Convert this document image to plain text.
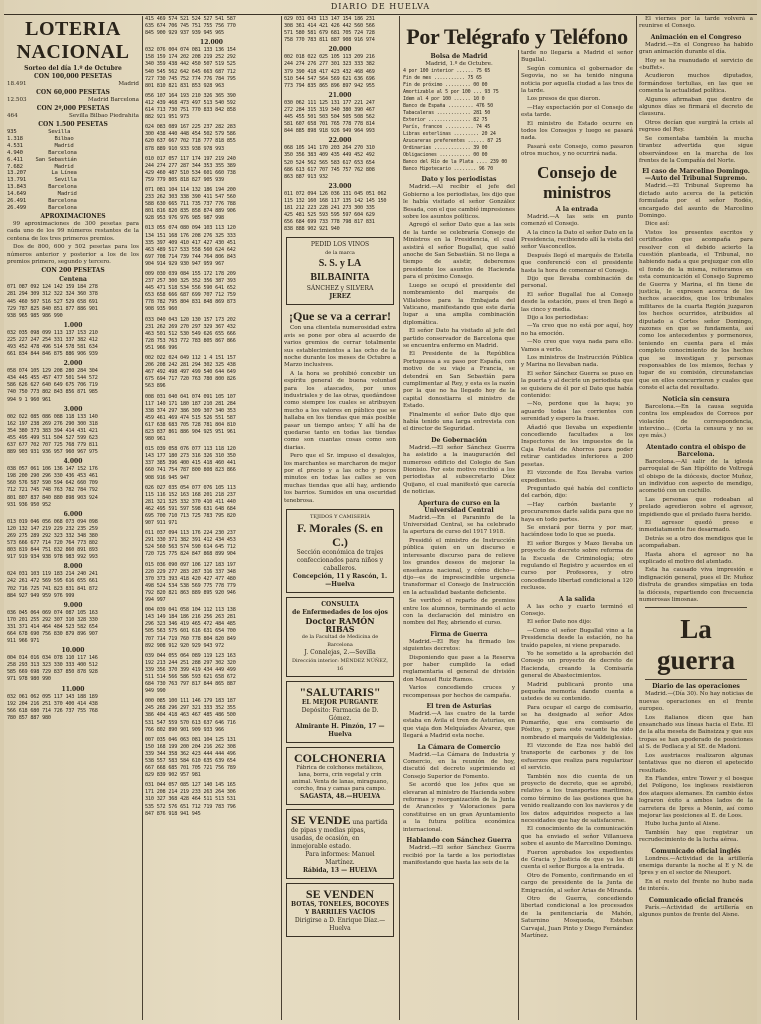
DIARIO DE HUELVA
LOTERIA NACIONAL
Sorteo del día 1.º de Octubre
CON 100,000 PESETAS
18.491	Madrid
CON 60,000 PESETAS
12.503	Madrid Barcelona
CON 2º,000 PESETAS
464	Sevilla Bilbao Piedrahita
CON 1.500 PESETAS
935          Sevilla
1.318          Bilbao
4.531          Madrid
4.940        Barcelona
6.411    San Sebastián
7.682          Madrid
13.207        La Línea
13.791         Sevilla
13.843       Barcelona
14.649          Madrid
26.491       Barcelona
26.499       Barcelona
APROXIMACIONES

99 aproximaciones de 300 pesetas para cada uno de los 99 números restantes de la centena de los tres primeros premios.

Dos de 800, 600 y 502 pesetas para los números anterior y posterior a los de los premios primero, segundo y tercero.

CON 200 PESETAS
Centena
071 087 092 124 142 159 184 278
281 294 309 312 322 324 360 378
445 460 507 516 527 529 658 691
729 787 825 840 851 877 886 901
938 965 985 986 990
1.000
032 035 098 099 113 137 153 210
225 227 247 254 331 337 382 412
493 452 478 496 514 578 581 634
661 834 844 846 875 886 906 939
2.000
058 074 105 129 208 280 284 304
434 445 455 457 477 501 544 572
586 626 627 640 649 675 706 719
740 750 773 802 843 856 871 985
994 9 1 960 961
3.000
002 022 085 086 088 118 133 140
162 197 238 269 276 290 300 318
354 380 373 383 394 414 431 421
455 495 499 511 504 527 599 623
637 677 702 707 725 768 779 811
889 903 931 936 957 960 967 975
4.000
038 057 061 106 136 147 152 176
198 200 290 296 330 436 453 461
560 576 587 590 594 642 660 709
712 721 745 748 763 782 784 792
801 807 837 840 880 898 903 924
931 936 950 952
6.000
013 019 046 056 068 073 094 098
120 132 147 219 229 232 235 259
269 275 289 292 323 332 348 380
573 666 677 714 720 764 773 802
803 819 844 751 832 860 891 893
917 919 934 938 978 983 992 993
8.000
024 031 103 119 183 214 240 241
242 261 472 569 595 616 655 661
702 716 725 741 823 831 841 872
884 927 949 959 976 999
9.000
036 045 064 069 074 087 105 163
170 201 255 292 307 310 328 330
331 371 414 464 484 523 582 654
664 678 690 756 830 879 896 907
911 966 971
10.000
004 014 016 034 078 110 117 146
258 293 313 323 330 333 400 512
585 669 698 729 837 850 878 928
971 978 980 990
11.000
032 061 062 095 117 143 188 189
192 204 216 251 370 400 414 438
566 618 680 714 726 737 755 768
780 857 887 980
415 469 574 521 524 527 541 587
635 674 706 745 751 755 756 770
845 900 929 937 939 945 965
12.000
032 076 004 074 081 133 136 154
158 159 174 202 208 219 252 292
340 359 438 442 450 507 519 525
540 545 562 642 645 663 687 712
727 730 745 752 774 776 784 795
801 810 821 831 853 928 963
056 107 164 193 210 326 365 390
412 439 468 473 497 513 540 592
614 713 730 751 770 833 842 858
882 921 951 973
024 083 089 167 225 237 282 283
300 438 440 448 454 502 579 586
620 637 667 702 718 777 818 855
878 889 910 933 938 978 993
010 017 057 117 174 197 219 240
244 274 277 287 344 353 355 389
429 460 487 510 534 601 660 738
759 779 805 818 827 905 939
071 081 104 114 132 186 194 200
233 262 303 338 390 411 547 560
588 630 665 711 735 737 776 788
801 816 820 835 858 874 889 906
928 953 976 976 985 987 998
013 055 074 080 094 103 113 120
134 151 168 176 208 276 325 333
335 397 409 410 417 427 430 451
463 489 517 533 558 560 624 642
697 708 714 739 744 764 806 843
904 914 929 930 947 959 967
009 030 039 084 155 172 178 209
237 257 300 325 352 356 387 393
445 471 518 534 556 590 641 652
653 658 666 687 699 707 712 759
778 782 795 804 831 848 869 873
908 935 960
033 040 043 120 130 157 173 202
231 262 269 270 297 329 367 432
463 501 512 530 549 626 655 666
728 753 763 772 783 805 867 866
951 966 996
002 022 024 049 112 1 4 151 157
206 208 242 281 294 302 325 438
467 492 498 497 499 540 644 649
675 694 717 720 763 780 800 826
563 896
008 031 040 041 074 091 105 107
117 140 171 180 187 210 281 284
338 374 297 386 309 307 340 353
459 461 469 474 515 526 551 587
617 638 683 705 728 781 804 810
823 837 861 886 904 925 951 961
980 961
015 039 058 076 077 113 118 120
143 177 180 273 316 326 310 350
337 385 396 400 415 418 460 441
660 741 754 787 800 808 823 866
908 916 945 947
026 027 035 054 077 076 105 113
115 116 152 163 168 201 218 237
281 321 325 332 370 410 411 440
462 495 591 597 598 631 648 684
695 700 710 713 725 783 795 820
907 911 971
011 037 094 113 176 224 230 237
291 330 371 382 391 412 434 453
524 560 563 574 590 614 645 712
720 725 775 824 847 868 899 904
015 036 090 097 106 127 183 197
220 229 277 283 287 316 337 348
370 373 393 418 420 427 477 480
498 524 534 538 569 775 778 779
792 820 821 863 889 895 920 946
994 997
004 039 041 058 104 112 113 138
143 149 184 186 216 256 263 281
296 323 346 419 465 472 484 485
505 563 575 601 616 631 654 700
707 714 719 760 778 804 820 849
892 908 912 920 929 943 972
039 044 055 064 089 119 123 163
192 213 244 251 288 297 302 320
339 356 370 399 419 434 449 499
511 514 566 586 593 621 658 672
684 730 763 797 817 844 865 887
949 990
000 085 100 111 146 179 183 187
245 268 296 297 321 333 352 355
386 404 418 463 467 485 486 500
531 547 559 570 613 637 646 716
766 802 890 901 909 933 966
007 035 046 063 081 104 125 131
150 168 199 200 204 216 262 308
339 344 358 362 423 444 444 496
538 557 583 584 610 635 639 654
667 668 685 701 705 721 756 789
829 839 902 957 981
031 044 057 085 127 140 145 165
171 208 214 219 233 263 264 306
310 327 368 428 464 511 513 531
535 572 576 651 712 719 783 796
847 876 918 941 945
029 031 043 113 147 154 186 231
308 361 414 421 426 442 560 566
571 580 581 679 681 705 724 728
758 770 783 811 887 908 916 974
20.000
002 018 022 025 105 113 209 216
244 274 276 277 301 323 333 382
379 390 418 417 423 432 468 469
510 544 547 564 569 621 636 696
773 794 835 865 896 897 942 955
21.000
030 062 111 125 131 177 221 247
272 284 315 319 340 380 390 467
445 455 501 503 504 505 508 562
581 607 658 701 765 778 778 814
844 885 898 918 926 949 964 993
22.000
068 105 141 170 203 264 270 310
350 356 383 409 435 449 452 492
520 524 562 565 583 617 653 654
686 613 617 707 745 757 762 808
863 887 913 932
23.000
011 072 094 126 036 131 045 051 062
115 132 160 168 117 135 142 145 150
181 212 223 228 241 273 300 335
425 481 525 593 595 597 604 629
656 684 699 733 778 798 817 831
838 888 902 921 940
PEDID LOS VINOS
de la marca
S. S. y LA BILBAINITA
SÁNCHEZ y SILVERA
JEREZ
¡Que se va a cerrar!

Con una clientela numerosidad extra avis se pone por obra al acuerdo de varios gremios de cerrar totalmente sus establecimientos a las ocho de la noche durante los meses de Octubre a Marzo inclusives.

A la hora se prohibió concebir un espíritu general de buena voluntad para los atascados, por unos industriales y de las otras, quedándose como siempre los cuales se atribuyen mucho a los valores en público que se hallaba en los tiendas que más posible pasar un tiempo antes; Y allí ha de quedarse tanto en todas las tiendas como son cuantas cosas como son diarias.

Pero que el Sr. impuso el desalojos, los marchantes se marcharon de mejor por el precio y a las ocho y pocos minutos en todas las calles se ven muchas tiendas que allí hay, ardiendo los barrios. Sumidos en una oscuridad tenebrosa.

TEJIDOS Y CAMISERÍA
F. Morales (S. en C.)
Sección económica de trajes confeccionados para niños y caballeros.
Concepción, 11 y Rascón, 1.—Huelva
CONSULTA
de Enfermedades de los ojos
Doctor RAMÓN RIBAS
de la Facultad de Medicina de Barcelona
J. Conalejas, 2.—Sevilla
Dirección interior: MÉNDEZ NÚÑEZ, 16
"SALUTARIS"
EL MEJOR PURGANTE
Depósito: Farmacia de D. Gómez.
Almirante H. Pinzón, 17 — Huelva
COLCHONERIA
Fábrica de colchones metálicos, lana, borra, crin vegetal y crin animal. Venta de lanas, miraguano, corcho, fina y camas para campo.
SAGASTA, 48.—HUELVA
SE VENDE una partida de pipas y medias pipas, usadas, de ocasión, en inmejorable estado.
Para informes: Manuel Martínez.
Rábida, 13 — HUELVA
SE VENDEN
BOTAS, TONELES, BOCOYES Y BARRILES VACÍOS
Dirigirse a D. Enrique Díaz.—Huelva
Por Telégrafo y Teléfono
Bolsa de Madrid
Madrid, 1.º de Octubre.
4 por 100 interior ...... 75 65
Fin de mes ........... 75 65
Fin de próximo ......... 00 00
Amortizable al 5 por 100 ... 93 75
Idem al 4 por 100 ...... 10 0
Banco de España ......... 476 50
Tabacaleras ............ 281 50
Exterior ............... 82 75
París, francos .......... 74 45
Libras esterlinas ......... 20 24
Azucareras preferentes ...... 87 25
Ordinarias ............. 39 00
Obligaciones ........... 00 00
Banco del Río de la Plata .... 239 00
Banco Hipotecario ........ 96 70
Dato y los periodistas

Madrid.—Al recibir el jefe del Gobierno a los periodistas, les dijo que le había visitado el señor González Besada, con el que cambió impresiones sobre los asuntos políticos.

Agregó el señor Dato que a las seis de la tarde se celebraría Consejo de Ministros en la Presidencia, el cual asistirá el señor Bugallal, que salió anoche de San Sebastián. Si no llega a tiempo de asistir, deberemos presidente los asuntos de Hacienda para el próximo Consejo.

Luego se ocupó el presidente del nombramiento del marqués de Villalobos para la Embajada del Vaticano, manifestando que este daría lugar a una amplia combinación diplomática.

El señor Dato ha visitado al jefe del partido conservador de Barcelona que se encuentra enfermo en Madrid.

El Presidente de la República Portuguesa a su paso por España, con motivo de su viaje a Francia, se detendrá en San Sebastián para cumplimentar al Rey, y esta es la razón por la que no ha llegado hoy de la capital donostiarra el ministro de Estado.

Finalmente el señor Dato dijo que había tenido una larga entrevista con el director de Seguridad.

De Gobernación

Madrid.—El señor Sánchez Guerra ha asistido a la inauguración del numeroso edificio del Colegio de San Dionisio. Por este motivo recibió a los periodistas al subsecretario Díez Quijano, el cual manifestó que carecía de noticias.

Apertura de curso en la Universidad Central

Madrid.—En el Paraninfo de la Universidad Central, se ha celebrado la apertura de curso del 1917 1918.

Presidió el ministro de Instrucción pública quien en un discurso e interesante discurso para de relieve los grandes deseos de mejorar la enseñanza nacional, y cómo dicho—dijo—es de imprescindible urgencia transformar el Consejo de Instrucción en la actualidad bastante deficiente.

Se verificó el reparto de premios entre los alumnos, terminando el acto con la declaración del ministro en nombre del Rey, abriendo el curso.

Firma de Guerra

Madrid.—El Rey ha firmado los siguientes decretos:

Disponiendo que pase a la Reserva por haber cumplido la edad reglamentaria el general de división don Manuel Ruiz Ramos.

Varios concediendo cruces y recompensas por hechos de campaña.

El tren de Asturias

Madrid.—A las cuatro de la tarde estaba en Ávila el tren de Asturias, en que viaja don Melquíades Álvarez, que llegará a Madrid esta noche.

La Cámara de Comercio

Madrid.—La Cámara de Industria y Comercio, en la reunión de hoy, discutió del decreto suprimiendo el Consejo Superior de Fomento.

Se acordó que los jefes que se elevaran al ministro de Hacienda sobre reformas y reorganización de la Junta de Aranceles y Valoraciones para constituirse en un gran Ayuntamiento a la futura política económica internacional.

Hablando con Sánchez Guerra

Madrid.—El señor Sánchez Guerra recibió por la tarde a los periodistas manifestando que hasta las seis de la

tarde no llegaría a Madrid el señor Bugallal.

Según comunica el gobernador de Segovia, no se ha tenido ninguna noticia por aquella ciudad a las tres de la tarde.

Los presos de que dieron.

—Hay expectación por el Consejo de esta tarde.

El ministro de Estado ocurre en todos los Consejos y luego se pasará nada.

Pasará este Consejo, como pasaron otros muchos, y no ocurrirá nada.

Consejo de ministros
A la entrada

Madrid.—A las seis en punto comenzó el Consejo.

A la cinco la Dato el señor Dato en la Presidencia, recibiendo allí la visita del señor Vasconcellos.

Después llegó el marqués de Estella que conferenció con el presidente hasta la hora de comenzar el Consejo.

Dijo que llevaba combinación de personal.

El señor Bugallal fue al Consejo desde la estación, pues el tren llegó a las cinco y media.

Dijo a los periodistas:

—Ya creo que no está por aquí, hoy no ha emoción.

—No creo que vaya nada para ello. Vamos a verlo.

Los ministros de Instrucción Pública y Marina no llevaban nada.

El señor Sánchez Guerra se puso en la puerta y al decirle un periodista que se quisiera de él por el Dato que había contenido:

—No, perdone que la haya; yo aguardo todas las corrientes con serenidad y espero la frase.

Añadió que llevaba un expediente concediendo facultades a los Inspectores de los impuestos de la Caja Postal de Ahorros para poder retirar cantidades inferiores a 200 pesetas.

El vizconde de Eza llevaba varios expedientes.

Preguntado qué había del conflicto del carbón, dijo:

—Hay carbón bastante y procuraremos darle salida para que no haya en todo partes.

Se enviará por tierra y por mar, haciéndose todo lo que se pueda.

El señor Burgos y Mazo llevaba un proyecto de decreto sobre reforma de la Escuela de Criminología; otro regulando el Registro y acuerdos en el curso por Profesores, y otro concediendo libertad condicional a 120 reclusos.

A la salida

A las ocho y cuarto terminó el Consejo.

El señor Dato nos dijo:

—Como el señor Bugallal vino a la Presidencia desde la estación, no ha traído papeles, ni viene preparado.

Yo he sometido a la aprobación del Consejo un proyecto de decreto de Hacienda, creando la Comisaría general de Abastecimientos.

Madrid publicará pronto una pequeña memoria dando cuenta a ustedes de su contenido.

Para ocupar el cargo de comisario, se ha designado al señor Ados Pumariño, que era comisario de Pósitos, y para este vacante ha sido nombrado el marqués de Valdeiglesias.

El vizconde de Eza nos habló del transporte de carbones y de los esfuerzos que realiza para regularizar el servicio.

También nos dio cuenta de un proyecto de decreto, que se aprobó, relativo a los transportes marítimos, como término de las gestiones que ha venido realizando con los navieros y de los datos adquiridos respecto a las necesidades que hay de satisfacerse.

El conocimiento de la comunicación que ha enviado el señor Villanueva sobre el asunto de Marcelino Domingo.

Fueron aprobados los expedientes de Gracia y Justicia de que ya les di cuenta el señor Burgos a la entrada.

Otro de Fomento, confirmando en el cargo de presidente de la Junta de Emigración, al señor Arias de Miranda.

Otro de Guerra, concediendo libertad condicional a los procesados de la penitenciaría de Mahón, Saturnino Mosqueda, Esteban Carvajal, Juan Pinto y Diego Fernández Martínez.

El viernes por la tarde volverá a reunirse el Consejo.

Animación en el Congreso

Madrid.—En el Congreso ha habido gran animación durante el día.

Hoy se ha reanudado el servicio de «buffet».

Acudieron muchos diputados, formándose tertulias, en las que se comenta la actualidad política.

Algunos afirmaban que dentro de algunos días se firmará el decreto de clausura.

Otros decían que surgirá la crisis al regreso del Rey.

Se comentaba también la mucha tirantez advertida que sigue observándose en la marcha de los frentes de la Compañía del Norte.

El caso de Marcelino Domingo.—Auto del Tribunal Supremo.

Madrid.—El Tribunal Supremo ha dictado auto acerca de la petición formulada por el señor Rodés, encargado del asunto de Marcelino Domingo.

Dice así:

Vistos los presentes escritos y certificados que acompaña para resolver con el debido acierto la cuestión planteada, el Tribunal, no habiendo nada a que prejuzgar con ello el fondo de la misma, reiteramos en esta comunicación el Consejo Supremo de Guerra y Marina, el fin tiene de justicia, le expresen acerca de los hechos acaecidos, que los tribunales militares de la cuarta Región juzgaron los hechos ocurridos, atribuidos al diputado a Cortes señor Domingo, razones en que se fundamenta, así como los antecedentes y pormenores, teniendo en cuenta para el más completo conocimiento de los hechos que se investigan y personas responsables de los mismos, fechas y lugar de su comisión, circunstancias que en ellos concurrieron y cuales que conste el acta del resultado.

Noticia sin censura

Barcelona.—En la causa seguida contra los empleados de Correos por violación de correspondencia, intervino... (Corta la censura y no se oye más.)

Atentado contra el obispo de Barcelona.

Barcelona.—Al salir de la iglesia parroquial de San Hipólito de Voltregá el obispo de la diócesis, doctor Muñoz, un individuo con aspecto de mendigo, acometió con un cuchillo.

Las personas que rodeaban al prelado agredieron sobre el agresor, impidiendo que el prelado fuera herido.

El agresor quedó preso e inmediatamente fue desarmado.

Detrás se a otro dos mendigos que le acompañaban.

Hasta ahora el agresor no ha explicado el motivo del atentado.

Esta ha causado viva impresión e indignación general, pues el Dr. Muñoz disfruta de grandes simpatías en toda la diócesis, repartiendo con frecuencia numerosas limosnas.

La guerra
Diario de las operaciones

Madrid.—(Día 30). No hay noticias de nuevas operaciones en el frente europeo.

Los italianos dicen que han ensanchado sus líneas hacia el Este. El de la alta meseta de Bainsizza y que sus tropas se han apoderado de posiciones al S. de Podlaca y al SE. de Madoni.

Los austriacos realizaron algunas tentativas que no dieron el apetecido resultado.

En Flandes, entre Tower y el bosque del Polígono, los ingleses resistieron dos ataques alemanes. En cambio éstos lograron éxito a ambos lados de la carretera de Ipres a Menin, así como mejorar las posiciones al E. de Loos.

Hubo lucha junto al Aisne.

También hay que registrar un recrudecimiento de la lucha aérea.

Comunicado oficial inglés

Londres.—Actividad de la artillería enemiga durante la noche al E y N. de Ipres y en el sector de Nieuport.

En el resto del frente no hubo nada de interés.

Comunicado oficial francés

París.—Actividad de artillería en algunos puntos de frente del Aisne.
